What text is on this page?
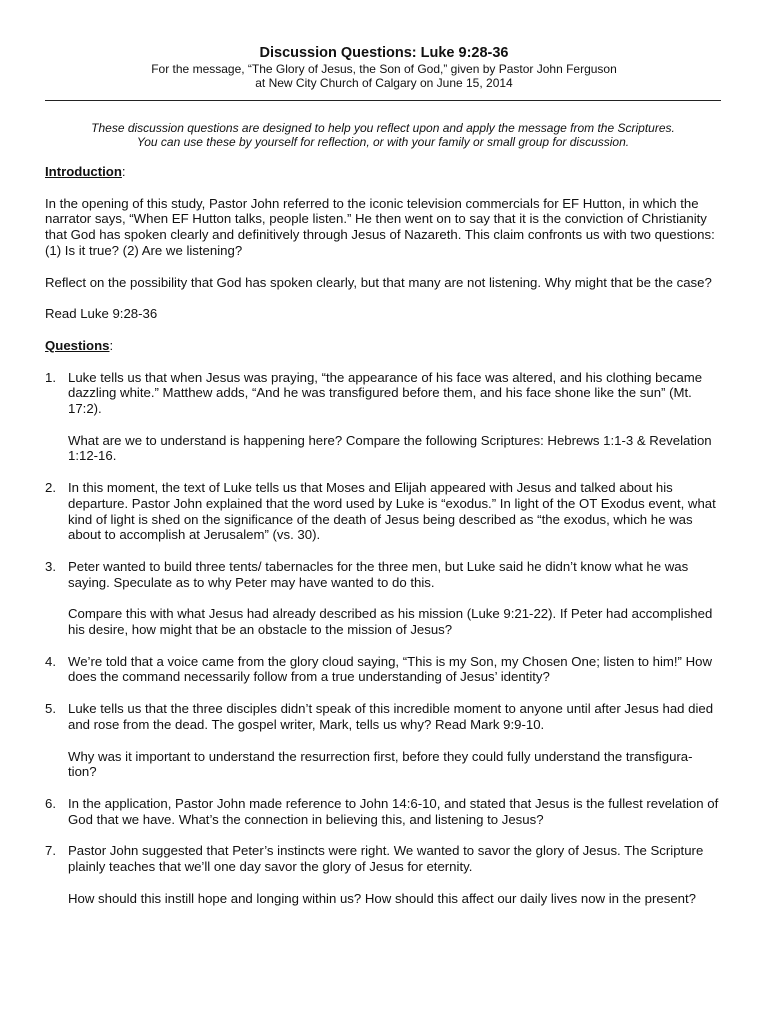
Discussion Questions: Luke 9:28-36
For the message, “The Glory of Jesus, the Son of God,” given by Pastor John Ferguson
at New City Church of Calgary on June 15, 2014
These discussion questions are designed to help you reflect upon and apply the message from the Scriptures.
You can use these by yourself for reflection, or with your family or small group for discussion.
Introduction:

In the opening of this study, Pastor John referred to the iconic television commercials for EF Hutton, in which the narrator says, “When EF Hutton talks, people listen.” He then went on to say that it is the conviction of Christianity that God has spoken clearly and definitively through Jesus of Nazareth. This claim confronts us with two questions: (1) Is it true? (2) Are we listening?

Reflect on the possibility that God has spoken clearly, but that many are not listening. Why might that be the case?

Read Luke 9:28-36

Questions:
1. Luke tells us that when Jesus was praying, “the appearance of his face was altered, and his clothing became dazzling white.” Matthew adds, “And he was transfigured before them, and his face shone like the sun” (Mt. 17:2).
What are we to understand is happening here? Compare the following Scriptures: Hebrews 1:1-3 & Revelation 1:12-16.
2. In this moment, the text of Luke tells us that Moses and Elijah appeared with Jesus and talked about his departure. Pastor John explained that the word used by Luke is “exodus.” In light of the OT Exodus event, what kind of light is shed on the significance of the death of Jesus being described as “the exodus, which he was about to accomplish at Jerusalem” (vs. 30).
3. Peter wanted to build three tents/ tabernacles for the three men, but Luke said he didn’t know what he was saying. Speculate as to why Peter may have wanted to do this.
Compare this with what Jesus had already described as his mission (Luke 9:21-22). If Peter had accomplished his desire, how might that be an obstacle to the mission of Jesus?
4. We’re told that a voice came from the glory cloud saying, “This is my Son, my Chosen One; listen to him!” How does the command necessarily follow from a true understanding of Jesus’ identity?
5. Luke tells us that the three disciples didn’t speak of this incredible moment to anyone until after Jesus had died and rose from the dead. The gospel writer, Mark, tells us why? Read Mark 9:9-10.
Why was it important to understand the resurrection first, before they could fully understand the transfigura-tion?
6. In the application, Pastor John made reference to John 14:6-10, and stated that Jesus is the fullest revelation of God that we have. What’s the connection in believing this, and listening to Jesus?
7. Pastor John suggested that Peter’s instincts were right. We wanted to savor the glory of Jesus. The Scripture plainly teaches that we’ll one day savor the glory of Jesus for eternity.
How should this instill hope and longing within us? How should this affect our daily lives now in the present?
